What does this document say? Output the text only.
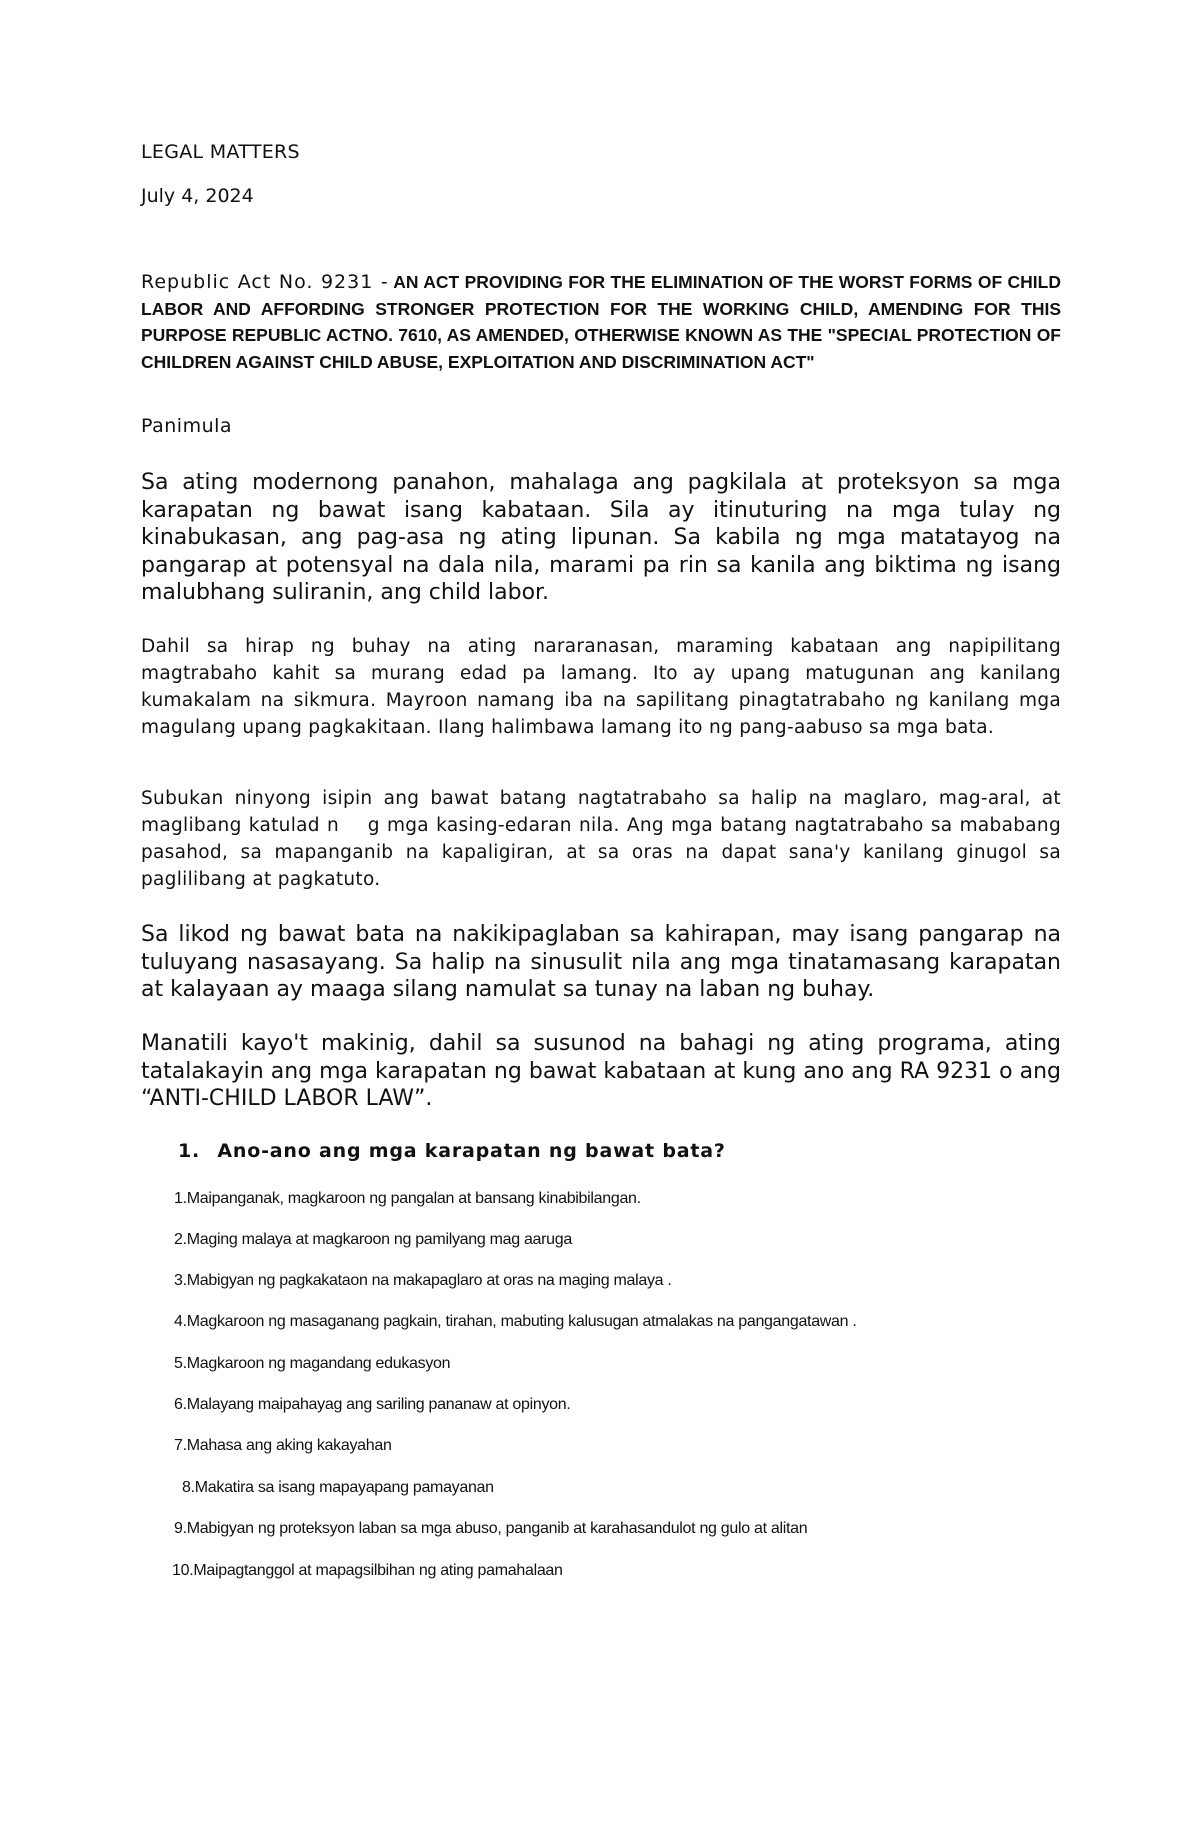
LEGAL MATTERS
July 4, 2024
Republic Act No. 9231 - AN ACT PROVIDING FOR THE ELIMINATION OF THE WORST FORMS OF CHILD LABOR AND AFFORDING STRONGER PROTECTION FOR THE WORKING CHILD, AMENDING FOR THIS PURPOSE REPUBLIC ACTNO. 7610, AS AMENDED, OTHERWISE KNOWN AS THE "SPECIAL PROTECTION OF CHILDREN AGAINST CHILD ABUSE, EXPLOITATION AND DISCRIMINATION ACT"
Panimula
Sa ating modernong panahon, mahalaga ang pagkilala at proteksyon sa mga karapatan ng bawat isang kabataan. Sila ay itinuturing na mga tulay ng kinabukasan, ang pag-asa ng ating lipunan. Sa kabila ng mga matatayog na pangarap at potensyal na dala nila, marami pa rin sa kanila ang biktima ng isang malubhang suliranin, ang child labor.
Dahil sa hirap ng buhay na ating nararanasan, maraming kabataan ang napipilitang magtrabaho kahit sa murang edad pa lamang. Ito ay upang matugunan ang kanilang kumakalam na sikmura. Mayroon namang iba na sapilitang pinagtatrabaho ng kanilang mga magulang upang pagkakitaan. Ilang halimbawa lamang ito ng pang-aabuso sa mga bata.
Subukan ninyong isipin ang bawat batang nagtatrabaho sa halip na maglaro, mag-aral, at maglibang katulad n    g mga kasing-edaran nila. Ang mga batang nagtatrabaho sa mababang pasahod, sa mapanganib na kapaligiran, at sa oras na dapat sana'y kanilang ginugol sa paglilibang at pagkatuto.
Sa likod ng bawat bata na nakikipaglaban sa kahirapan, may isang pangarap na tuluyang nasasayang. Sa halip na sinusulit nila ang mga tinatamasang karapatan at kalayaan ay maaga silang namulat sa tunay na laban ng buhay.
Manatili kayo't makinig, dahil sa susunod na bahagi ng ating programa, ating tatalakayin ang mga karapatan ng bawat kabataan at kung ano ang RA 9231 o ang “ANTI-CHILD LABOR LAW”.
1. Ano-ano ang mga karapatan ng bawat bata?
1.Maipanganak, magkaroon ng pangalan at bansang kinabibilangan.
2.Maging malaya at magkaroon ng pamilyang mag aaruga
3.Mabigyan ng pagkakataon na makapaglaro at oras na maging malaya .
4.Magkaroon ng masaganang pagkain, tirahan, mabuting kalusugan atmalakas na pangangatawan .
5.Magkaroon ng magandang edukasyon
6.Malayang maipahayag ang sariling pananaw at opinyon.
7.Mahasa ang aking kakayahan
8.Makatira sa isang mapayapang pamayanan
9.Mabigyan ng proteksyon laban sa mga abuso, panganib at karahasandulot ng gulo at alitan
10.Maipagtanggol at mapagsilbihan ng ating pamahalaan
